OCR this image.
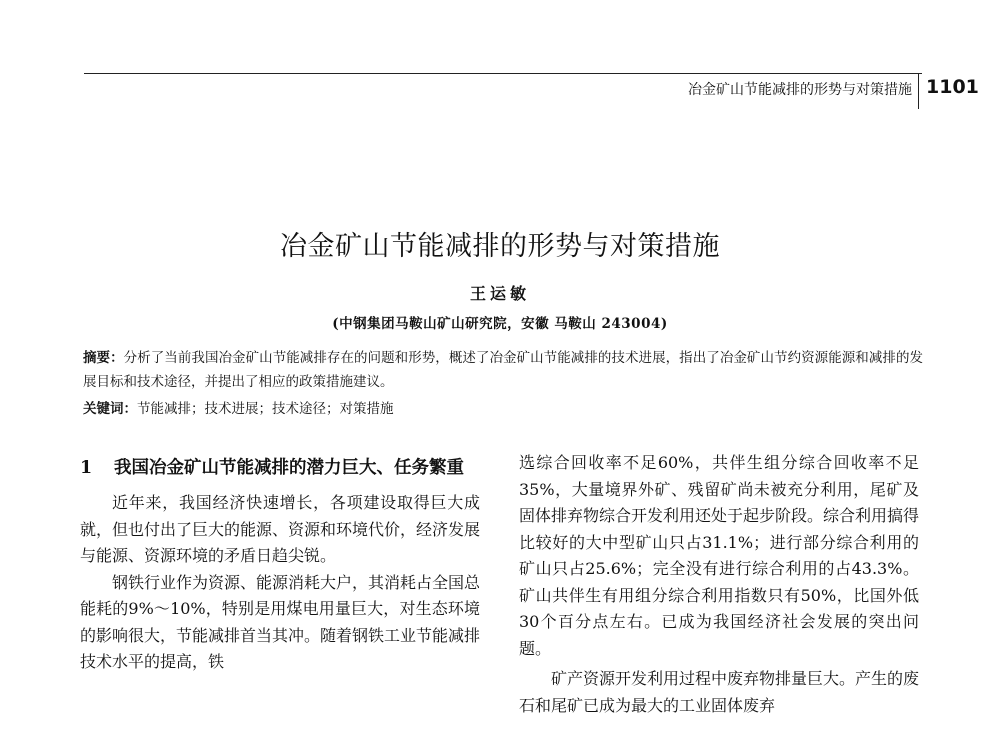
冶金矿山节能减排的形势与对策措施 1101
冶金矿山节能减排的形势与对策措施
王运敏
(中钢集团马鞍山矿山研究院，安徽 马鞍山 243004)

摘要：分析了当前我国冶金矿山节能减排存在的问题和形势，概述了冶金矿山节能减排的技术进展，指出了冶金矿山节约资源能源和减排的发展目标和技术途径，并提出了相应的政策措施建议。

关键词：节能减排；技术进展；技术途径；对策措施

1	我国冶金矿山节能减排的潜力巨大、任务繁重

近年来，我国经济快速增长，各项建设取得巨大成就，但也付出了巨大的能源、资源和环境代价，经济发展与能源、资源环境的矛盾日趋尖锐。

钢铁行业作为资源、能源消耗大户，其消耗占全国总能耗的9%～10%，特别是用煤电用量巨大，对生态环境的影响很大，节能减排首当其冲。随着钢铁工业节能减排技术水平的提高，铁

选综合回收率不足60%，共伴生组分综合回收率不足35%，大量境界外矿、残留矿尚未被充分利用，尾矿及固体排弃物综合开发利用还处于起步阶段。综合利用搞得比较好的大中型矿山只占31.1%；进行部分综合利用的矿山只占25.6%；完全没有进行综合利用的占43.3%。矿山共伴生有用组分综合利用指数只有50%，比国外低30个百分点左右。已成为我国经济社会发展的突出问题。

矿产资源开发利用过程中废弃物排量巨大。产生的废石和尾矿已成为最大的工业固体废弃
